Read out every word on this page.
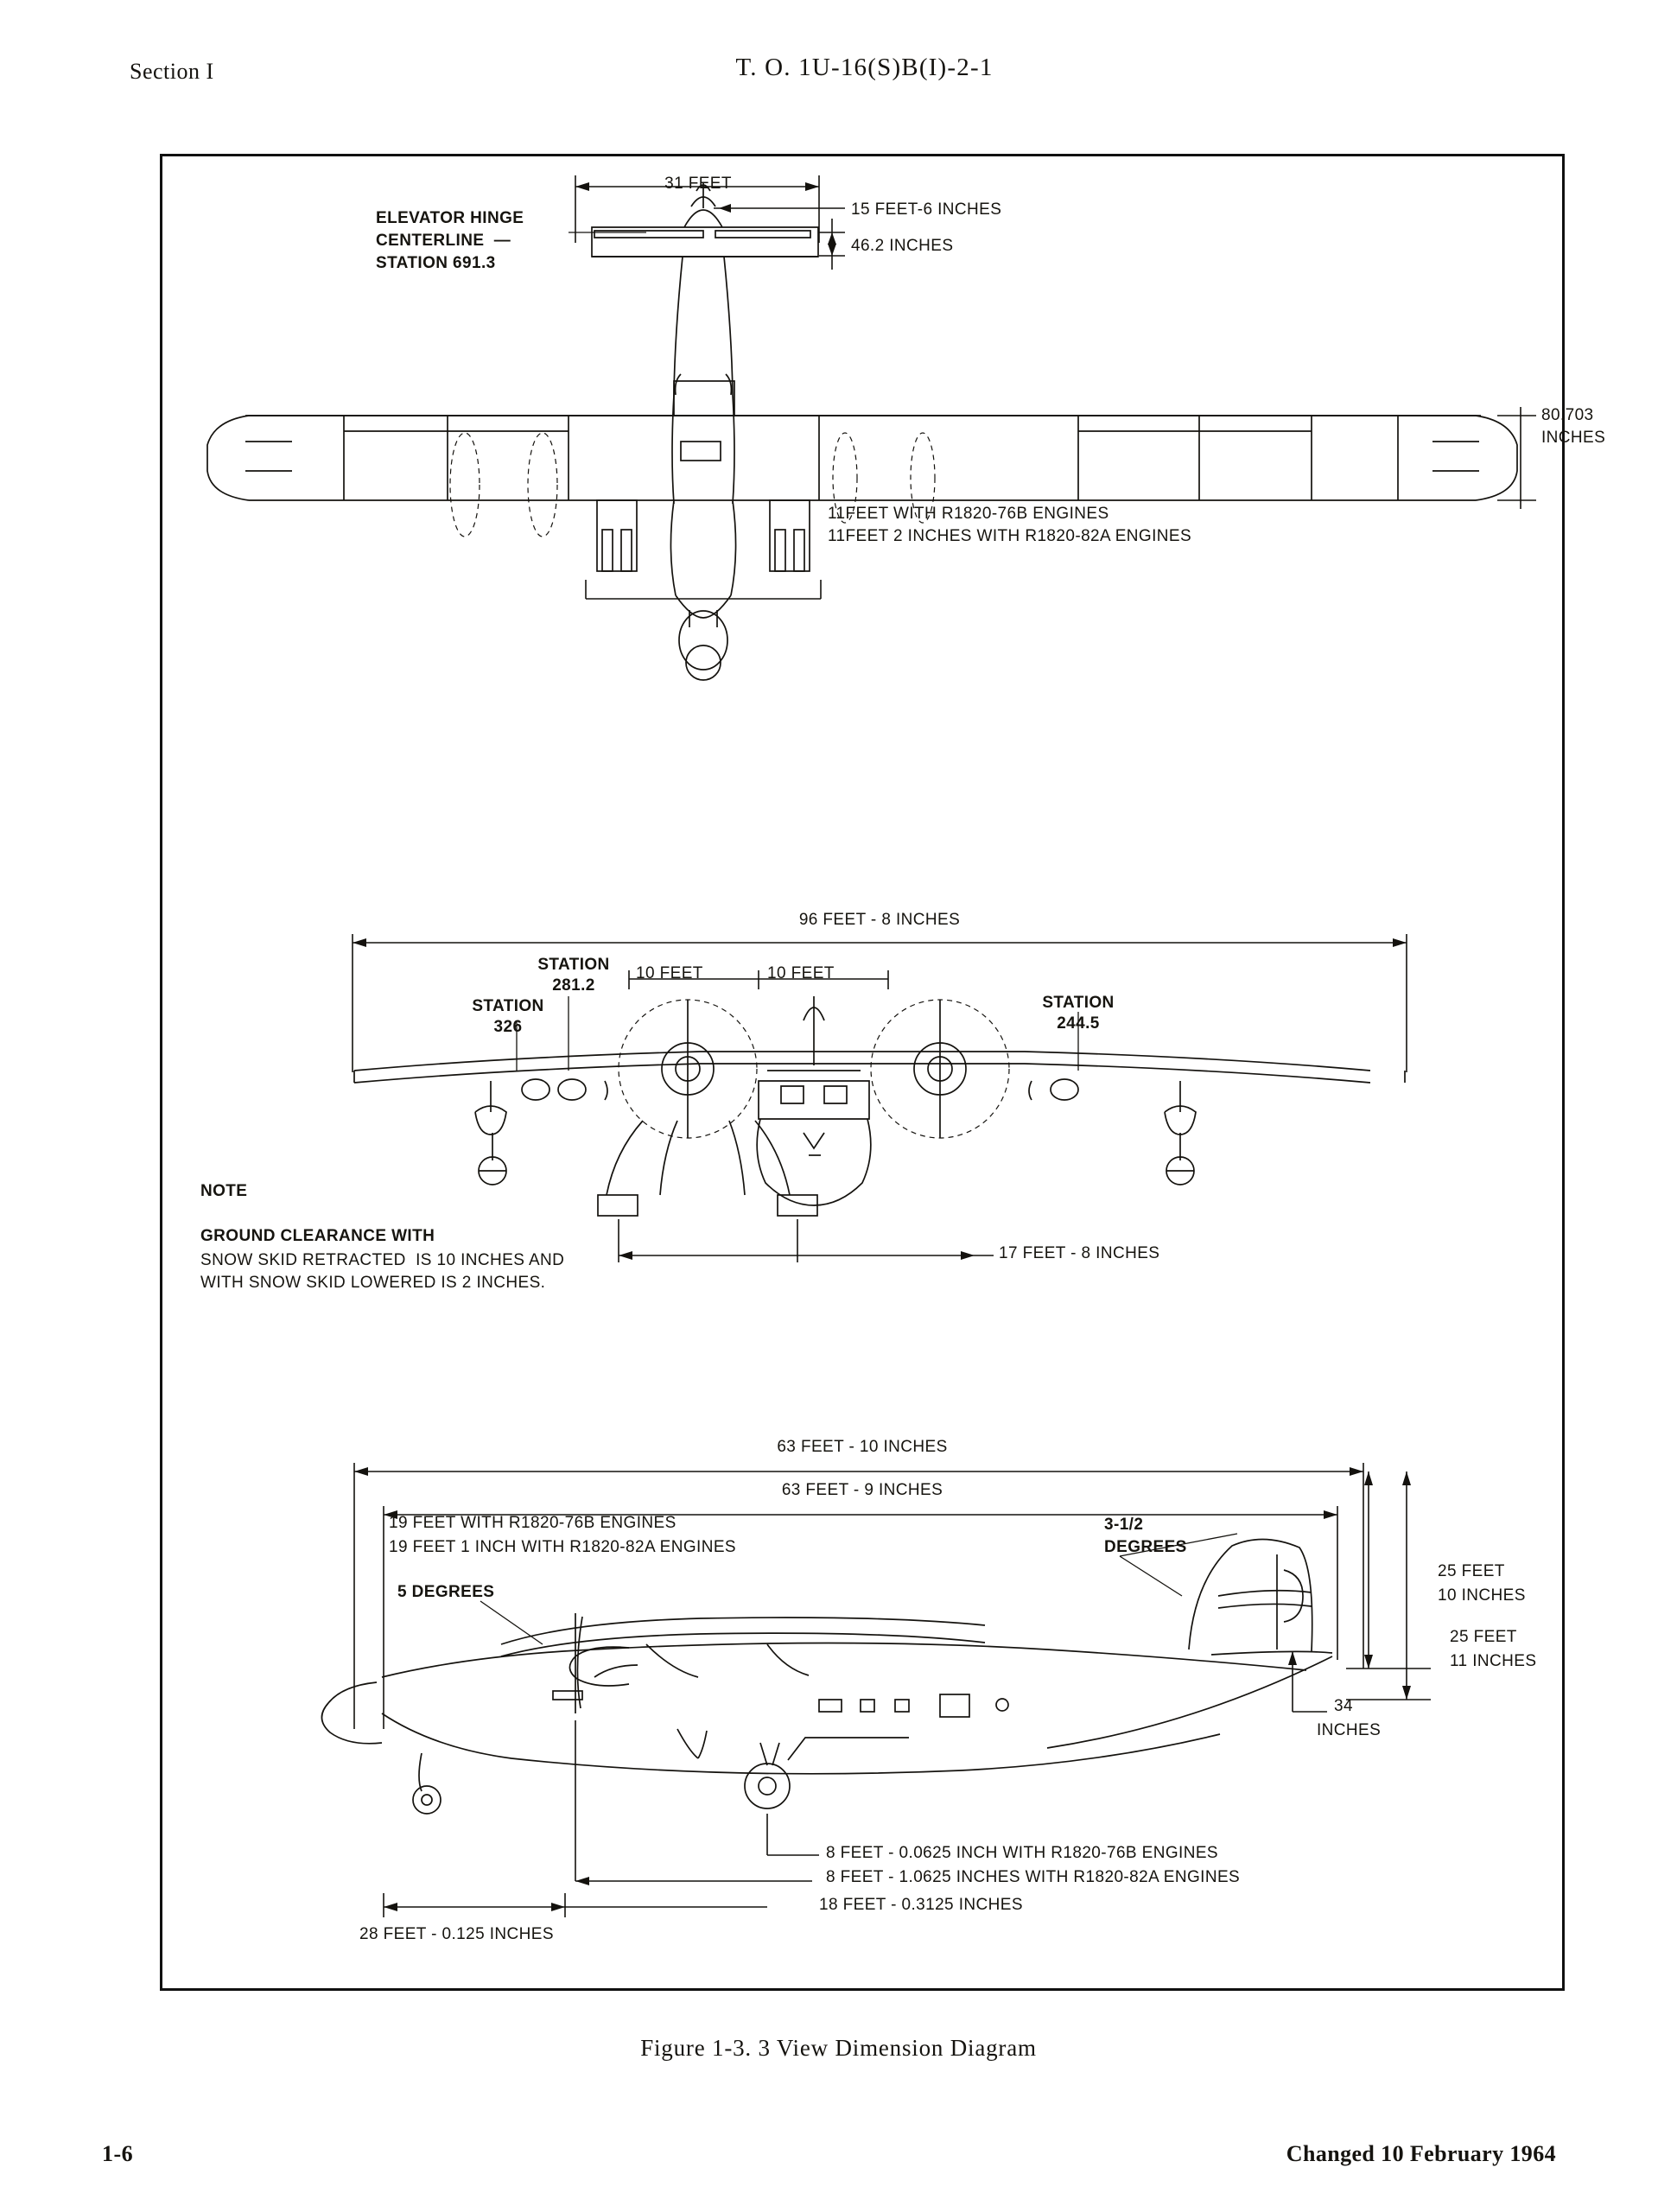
Section I	T. O. 1U-16(S)B(I)-2-1
31 FEET
15 FEET-6 INCHES
46.2 INCHES
ELEVATOR HINGE
CENTERLINE  —
STATION 691.3
80.703
INCHES
11FEET WITH R1820-76B ENGINES
11FEET 2 INCHES WITH R1820-82A ENGINES
96 FEET - 8 INCHES
STATION
281.2
STATION
326
STATION
244.5
10 FEET	10 FEET
17 FEET - 8 INCHES
NOTE
GROUND CLEARANCE WITH
SNOW SKID RETRACTED  IS 10 INCHES AND
WITH SNOW SKID LOWERED IS 2 INCHES.
63 FEET - 10 INCHES
63 FEET - 9 INCHES
19 FEET WITH R1820-76B ENGINES
19 FEET 1 INCH WITH R1820-82A ENGINES
3-1/2
DEGREES
5 DEGREES
25 FEET
10 INCHES
25 FEET
11 INCHES
34
INCHES
8 FEET - 0.0625 INCH WITH R1820-76B ENGINES
8 FEET - 1.0625 INCHES WITH R1820-82A ENGINES
18 FEET - 0.3125 INCHES
28 FEET - 0.125 INCHES
Figure 1-3. 3 View Dimension Diagram
1-6	Changed 10 February 1964
